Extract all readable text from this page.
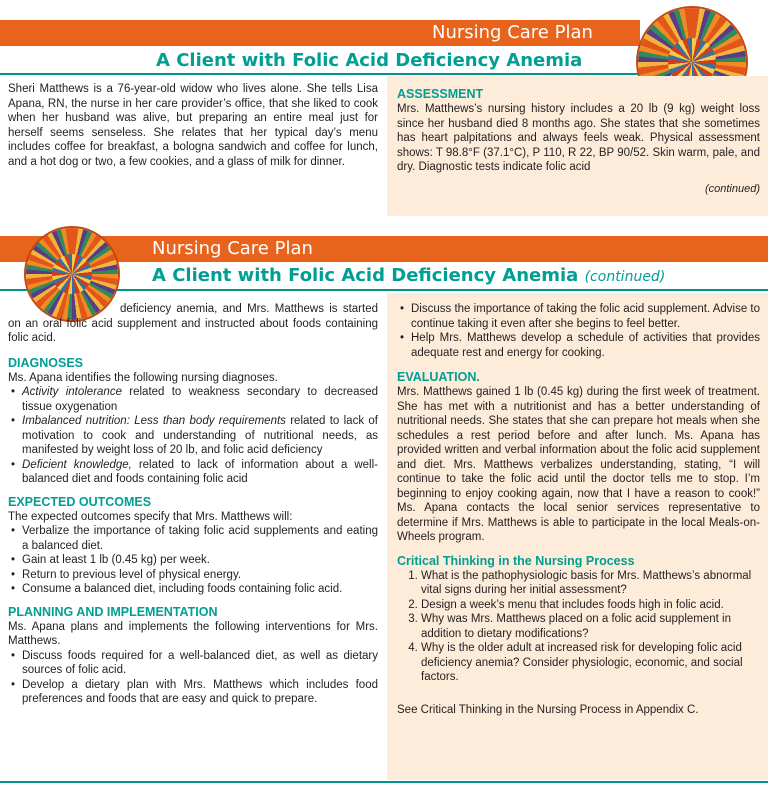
Nursing Care Plan
A Client with Folic Acid Deficiency Anemia

Sheri Matthews is a 76-year-old widow who lives alone. She tells Lisa Apana, RN, the nurse in her care provider’s office, that she liked to cook when her husband was alive, but preparing an entire meal just for herself seems senseless. She relates that her typical day’s menu includes coffee for breakfast, a bologna sandwich and coffee for lunch, and a hot dog or two, a few cookies, and a glass of milk for dinner.

ASSESSMENT

Mrs. Matthews’s nursing history includes a 20 lb (9 kg) weight loss since her husband died 8 months ago. She states that she sometimes has heart palpitations and always feels weak. Physical assessment shows: T 98.8°F (37.1°C), P 110, R 22, BP 90/52. Skin warm, pale, and dry. Diagnostic tests indicate folic acid

(continued)
Nursing Care Plan
A Client with Folic Acid Deficiency Anemia (continued)

deficiency anemia, and Mrs. Matthews is started on an oral folic acid supplement and instructed about foods containing folic acid.

DIAGNOSES

Ms. Apana identifies the following nursing diagnoses.

• Activity intolerance related to weakness secondary to decreased tissue oxygenation
• Imbalanced nutrition: Less than body requirements related to lack of motivation to cook and understanding of nutritional needs, as manifested by weight loss of 20 lb, and folic acid deficiency
• Deficient knowledge, related to lack of information about a well-balanced diet and foods containing folic acid

EXPECTED OUTCOMES

The expected outcomes specify that Mrs. Matthews will:

• Verbalize the importance of taking folic acid supplements and eating a balanced diet.
• Gain at least 1 lb (0.45 kg) per week.
• Return to previous level of physical energy.
• Consume a balanced diet, including foods containing folic acid.

PLANNING AND IMPLEMENTATION

Ms. Apana plans and implements the following interventions for Mrs. Matthews.

• Discuss foods required for a well-balanced diet, as well as dietary sources of folic acid.
• Develop a dietary plan with Mrs. Matthews which includes food preferences and foods that are easy and quick to prepare.
• Discuss the importance of taking the folic acid supplement. Advise to continue taking it even after she begins to feel better.
• Help Mrs. Matthews develop a schedule of activities that provides adequate rest and energy for cooking.

EVALUATION.

Mrs. Matthews gained 1 lb (0.45 kg) during the first week of treatment. She has met with a nutritionist and has a better understanding of nutritional needs. She states that she can prepare hot meals when she schedules a rest period before and after lunch. Ms. Apana has provided written and verbal information about the folic acid supplement and diet. Mrs. Matthews verbalizes understanding, stating, “I will continue to take the folic acid until the doctor tells me to stop. I’m beginning to enjoy cooking again, now that I have a reason to cook!” Ms. Apana contacts the local senior services representative to determine if Mrs. Matthews is able to participate in the local Meals-on-Wheels program.

Critical Thinking in the Nursing Process

1. What is the pathophysiologic basis for Mrs. Matthews’s abnormal vital signs during her initial assessment?
2. Design a week’s menu that includes foods high in folic acid.
3. Why was Mrs. Matthews placed on a folic acid supplement in addition to dietary modifications?
4. Why is the older adult at increased risk for developing folic acid deficiency anemia? Consider physiologic, economic, and social factors.

See Critical Thinking in the Nursing Process in Appendix C.
